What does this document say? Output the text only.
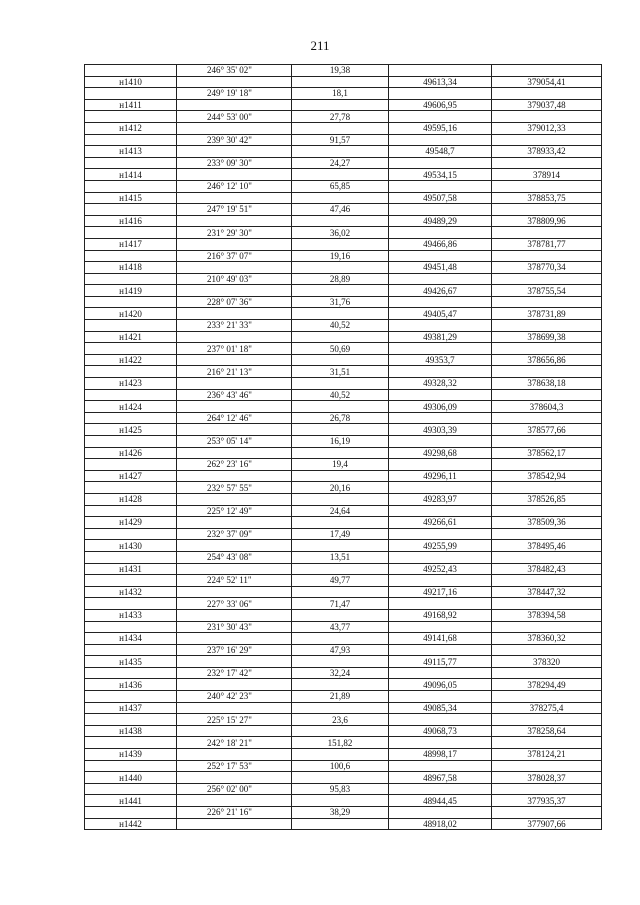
211
	246° 35' 02"	19,38		
н1410			49613,34	379054,41
	249° 19' 18"	18,1		
н1411			49606,95	379037,48
	244° 53' 00"	27,78		
н1412			49595,16	379012,33
	239° 30' 42"	91,57		
н1413			49548,7	378933,42
	233° 09' 30"	24,27		
н1414			49534,15	378914
	246° 12' 10"	65,85		
н1415			49507,58	378853,75
	247° 19' 51"	47,46		
н1416			49489,29	378809,96
	231° 29' 30"	36,02		
н1417			49466,86	378781,77
	216° 37' 07"	19,16		
н1418			49451,48	378770,34
	210° 49' 03"	28,89		
н1419			49426,67	378755,54
	228° 07' 36"	31,76		
н1420			49405,47	378731,89
	233° 21' 33"	40,52		
н1421			49381,29	378699,38
	237° 01' 18"	50,69		
н1422			49353,7	378656,86
	216° 21' 13"	31,51		
н1423			49328,32	378638,18
	236° 43' 46"	40,52		
н1424			49306,09	378604,3
	264° 12' 46"	26,78		
н1425			49303,39	378577,66
	253° 05' 14"	16,19		
н1426			49298,68	378562,17
	262° 23' 16"	19,4		
н1427			49296,11	378542,94
	232° 57' 55"	20,16		
н1428			49283,97	378526,85
	225° 12' 49"	24,64		
н1429			49266,61	378509,36
	232° 37' 09"	17,49		
н1430			49255,99	378495,46
	254° 43' 08"	13,51		
н1431			49252,43	378482,43
	224° 52' 11"	49,77		
н1432			49217,16	378447,32
	227° 33' 06"	71,47		
н1433			49168,92	378394,58
	231° 30' 43"	43,77		
н1434			49141,68	378360,32
	237° 16' 29"	47,93		
н1435			49115,77	378320
	232° 17' 42"	32,24		
н1436			49096,05	378294,49
	240° 42' 23"	21,89		
н1437			49085,34	378275,4
	225° 15' 27"	23,6		
н1438			49068,73	378258,64
	242° 18' 21"	151,82		
н1439			48998,17	378124,21
	252° 17' 53"	100,6		
н1440			48967,58	378028,37
	256° 02' 00"	95,83		
н1441			48944,45	377935,37
	226° 21' 16"	38,29		
н1442			48918,02	377907,66
